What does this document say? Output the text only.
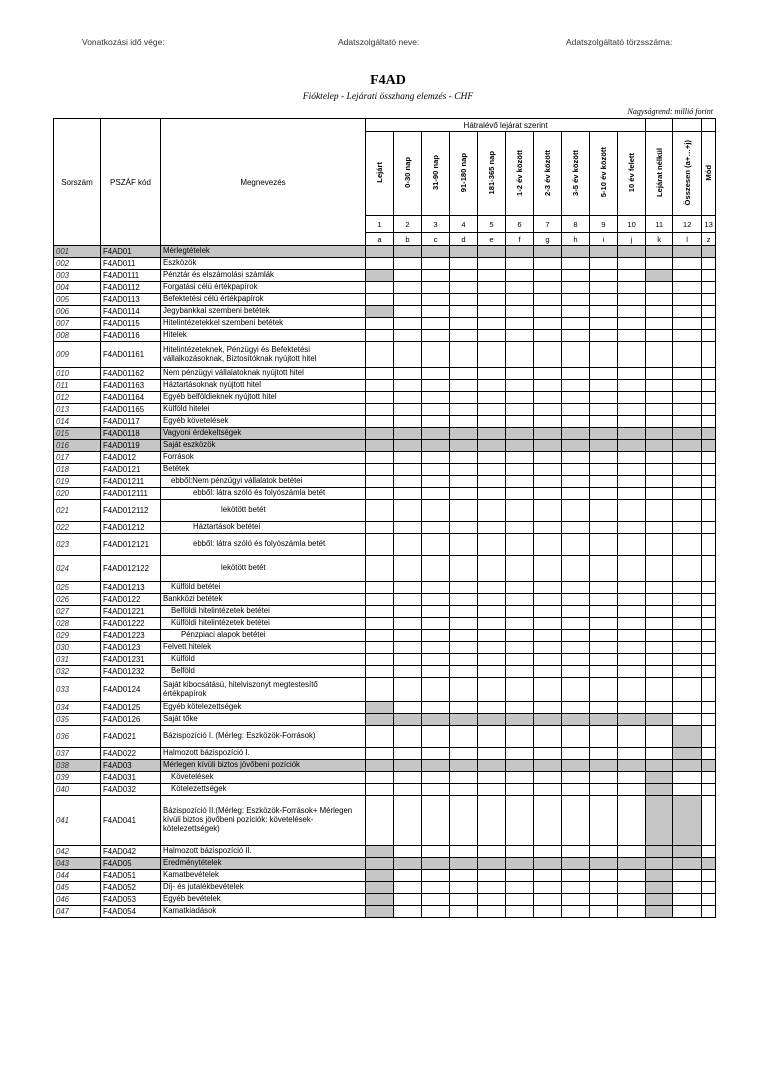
Vonatkozási idő vége:	Adatszolgáltató neve:	Adatszolgáltató törzsszáma:
F4AD
Fióktelep - Lejárati összhang elemzés - CHF
Nagyságrend: millió forint
Sorszám	PSZÁF kód	Megnevezés	Hátralévő lejárat szerint												
			Lejárt	0-30 nap	31-90 nap	91-180 nap	181-365 nap	1-2 év között	2-3 év között	3-5 év között	5-10 év között	10 év felett	Lejárat nélkül	Összesen (a+…+j)	Mód
			1	2	3	4	5	6	7	8	9	10	11	12	13
			a	b	c	d	e	f	g	h	i	j	k	l	z
001	F4AD01	Mérlegtételek													
002	F4AD011	Eszközök													
003	F4AD0111	Pénztár és elszámolási számlák													
004	F4AD0112	Forgatási célú értékpapírok													
005	F4AD0113	Befektetési célú értékpapírok													
006	F4AD0114	Jegybankkal szembeni betétek													
007	F4AD0115	Hitelintézetekkel szembeni betétek													
008	F4AD0116	Hitelek													
009	F4AD01161	Hitelintézeteknek, Pénzügyi és Befektetési vállalkozásoknak, Biztosítóknak nyújtott hitel													
010	F4AD01162	Nem pénzügyi vállalatoknak nyújtott hitel													
011	F4AD01163	Háztartásoknak nyújtott hitel													
012	F4AD01164	Egyéb belföldieknek nyújtott hitel													
013	F4AD01165	Külföld hitelei													
014	F4AD0117	Egyéb követelések													
015	F4AD0118	Vagyoni érdekeltségek													
016	F4AD0119	Saját eszközök													
017	F4AD012	Források													
018	F4AD0121	Betétek													
019	F4AD01211	ebből:Nem pénzügyi vállalatok betétei													
020	F4AD012111	ebből: látra szóló és folyószámla betét													
021	F4AD012112	lekötött betét													
022	F4AD01212	Háztartások betétei													
023	F4AD012121	ebből: látra szóló és folyószámla betét													
024	F4AD012122	lekötött betét													
025	F4AD01213	Külföld betétei													
026	F4AD0122	Bankközi betétek													
027	F4AD01221	Belföldi hitelintézetek betétei													
028	F4AD01222	Külföldi hitelintézetek betétei													
029	F4AD01223	Pénzpiaci alapok betétei													
030	F4AD0123	Felvett hitelek													
031	F4AD01231	Külföld													
032	F4AD01232	Belföld													
033	F4AD0124	Saját kibocsátású, hitelviszonyt megtestesítő értékpapírok													
034	F4AD0125	Egyéb kötelezettségek													
035	F4AD0126	Saját tőke													
036	F4AD021	Bázispozíció I. (Mérleg: Eszközök-Források)													
037	F4AD022	Halmozott bázispozíció I.													
038	F4AD03	Mérlegen kívüli biztos jövőbeni pozíciók													
039	F4AD031	Követelések													
040	F4AD032	Kötelezettségek													
041	F4AD041	Bázispozíció II.(Mérleg: Eszközök-Források+ Mérlegen kívüli biztos jövőbeni pozíciók: követelések- kötelezettségek)													
042	F4AD042	Halmozott bázispozíció II.													
043	F4AD05	Eredménytételek													
044	F4AD051	Kamatbevételek													
045	F4AD052	Díj- és jutalékbevételek													
046	F4AD053	Egyéb bevételek													
047	F4AD054	Kamatkiadások													
